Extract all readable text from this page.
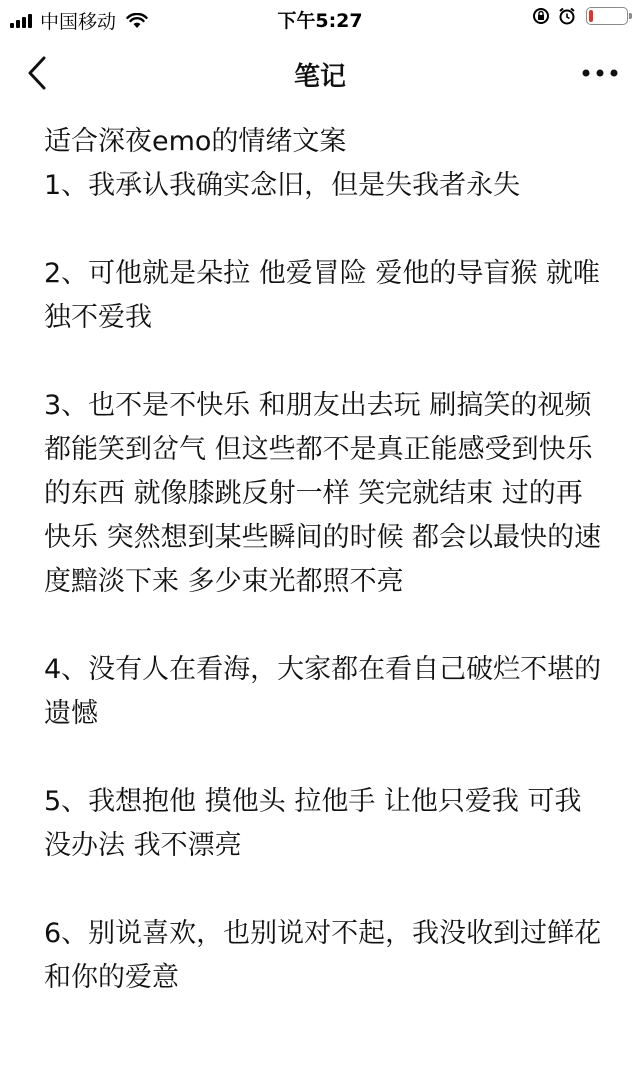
中国移动	下午5:27
笔记
适合深夜emo的情绪文案

1、我承认我确实念旧，但是失我者永失

2、可他就是朵拉 他爱冒险 爱他的导盲猴 就唯独不爱我

3、也不是不快乐 和朋友出去玩 刷搞笑的视频 都能笑到岔气 但这些都不是真正能感受到快乐的东西 就像膝跳反射一样 笑完就结束 过的再快乐 突然想到某些瞬间的时候 都会以最快的速度黯淡下来 多少束光都照不亮

4、没有人在看海，大家都在看自己破烂不堪的遗憾

5、我想抱他 摸他头 拉他手 让他只爱我 可我没办法 我不漂亮

6、别说喜欢，也别说对不起，我没收到过鲜花和你的爱意
